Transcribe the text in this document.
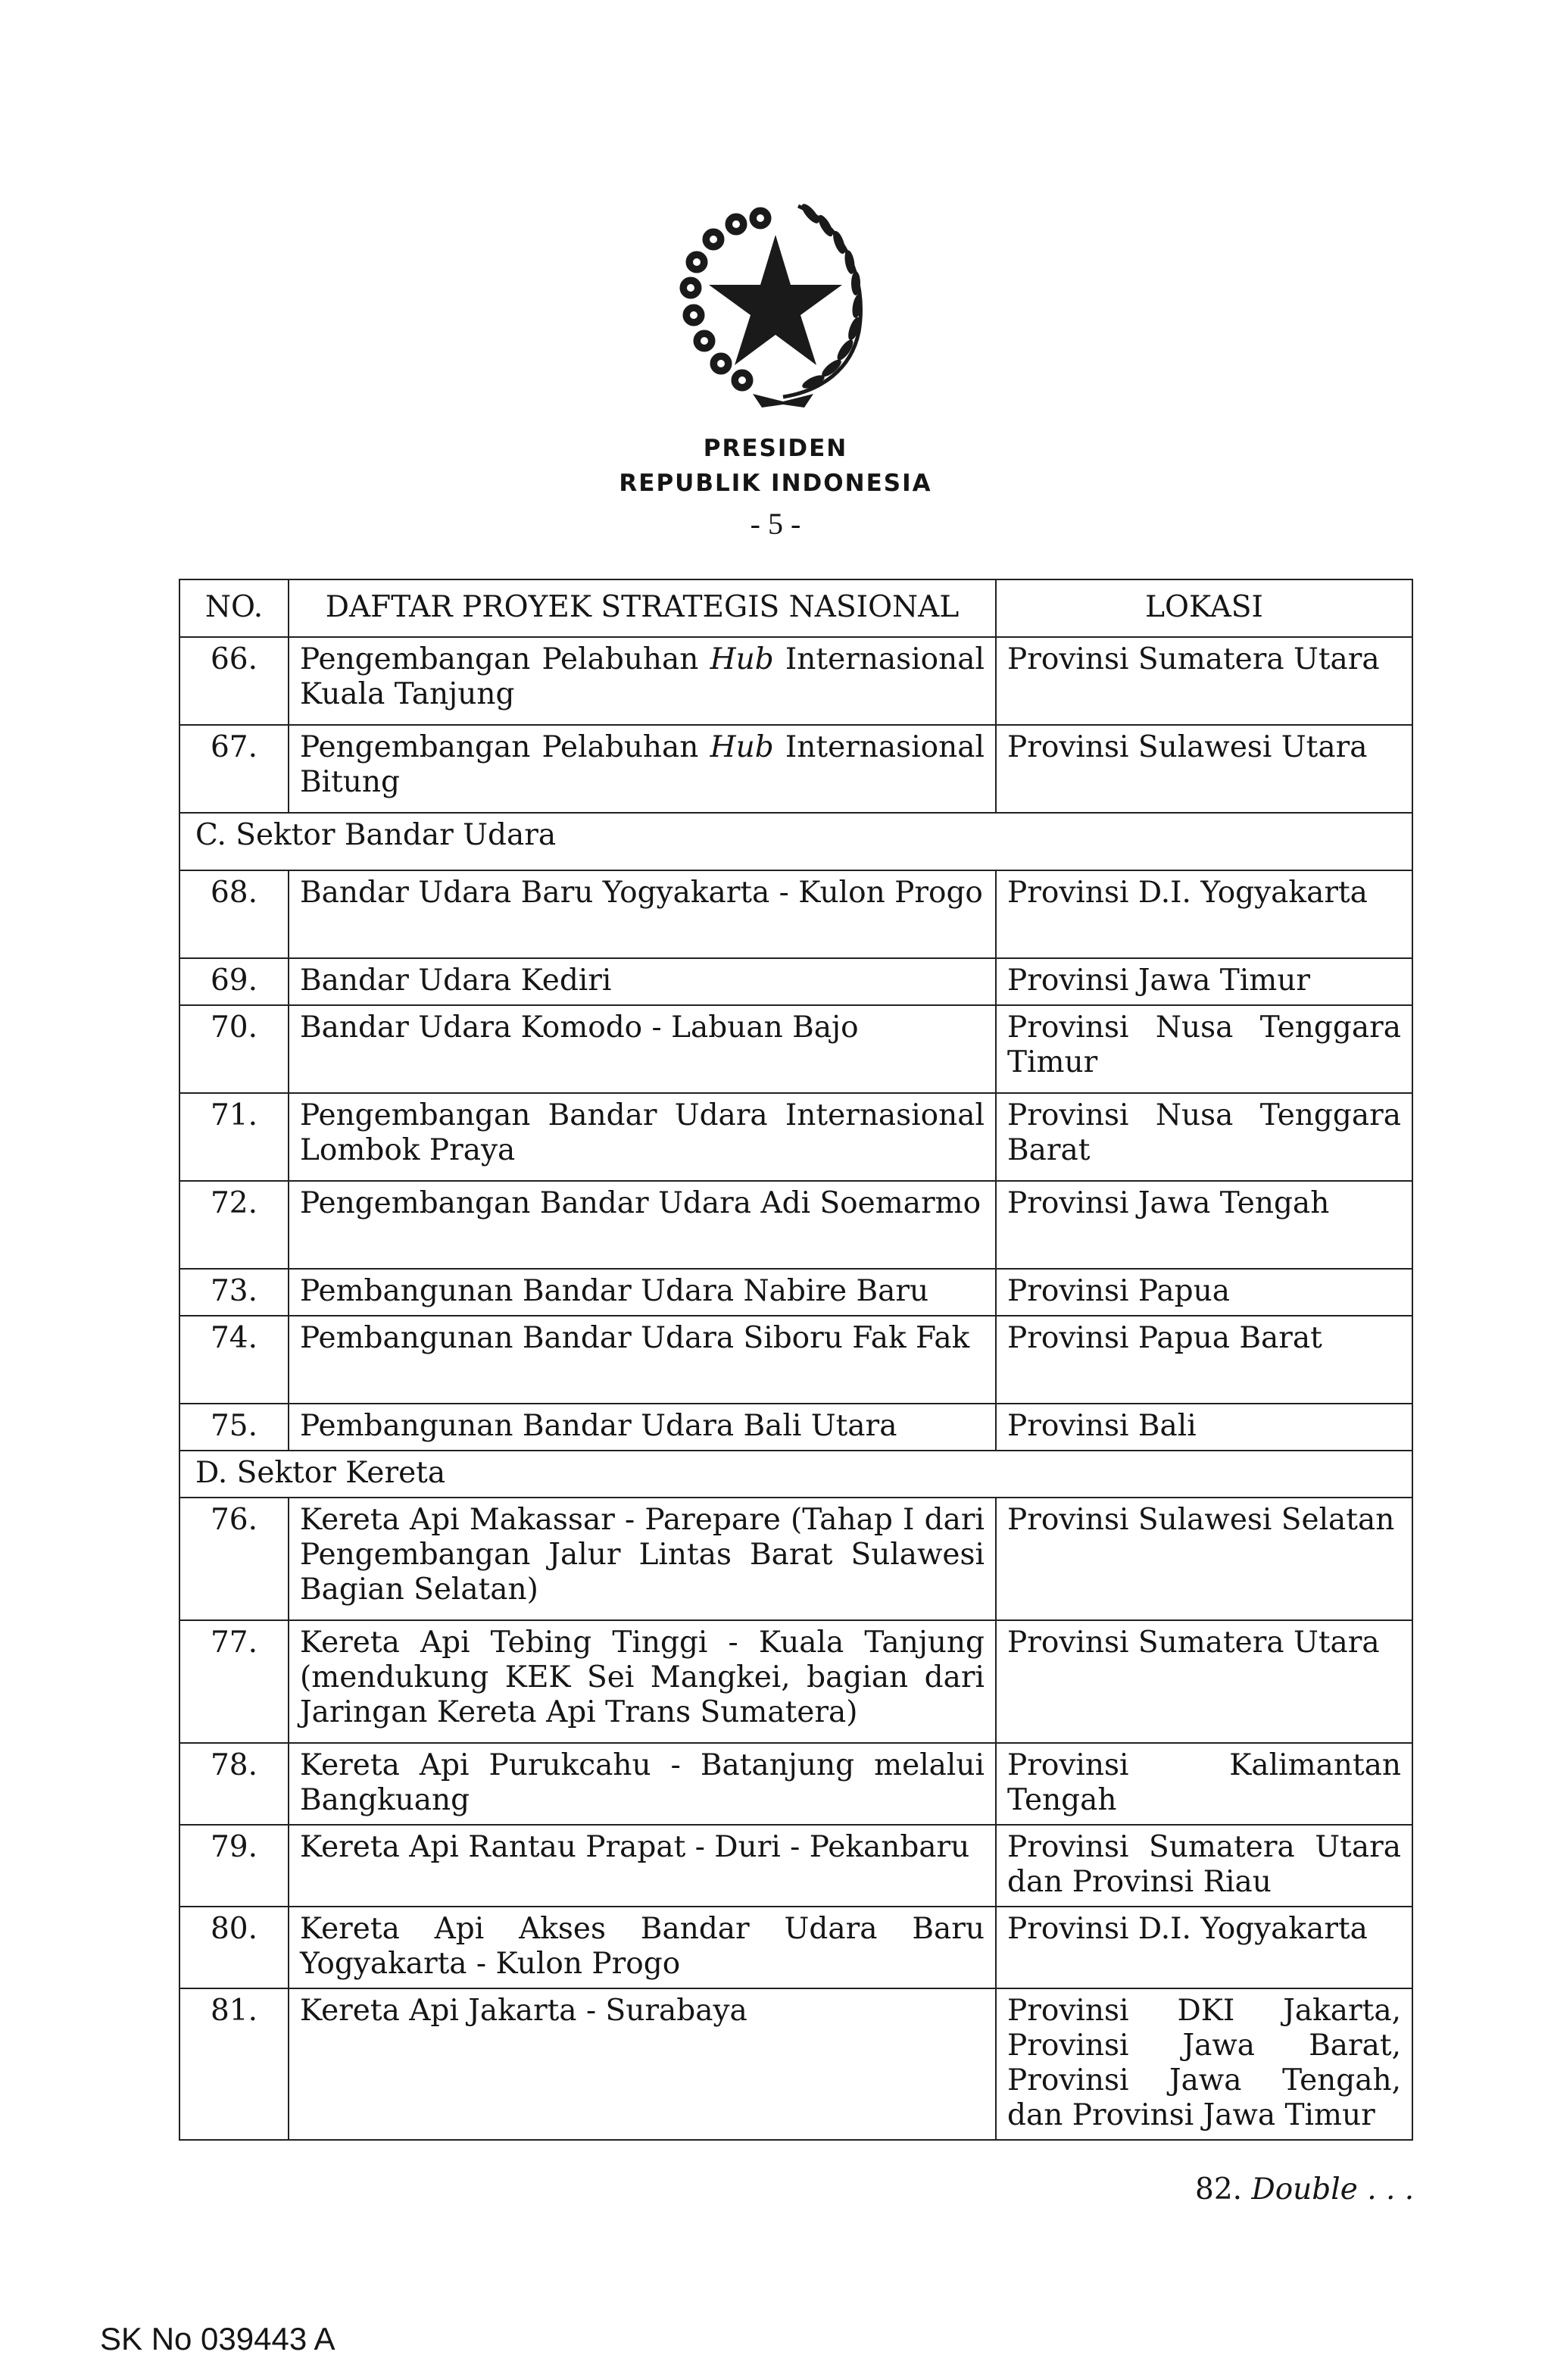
PRESIDEN
REPUBLIK INDONESIA
- 5 -
NO.	DAFTAR PROYEK STRATEGIS NASIONAL	LOKASI
66.	Pengembangan Pelabuhan Hub Internasional Kuala Tanjung	Provinsi Sumatera Utara
67.	Pengembangan Pelabuhan Hub Internasional Bitung	Provinsi Sulawesi Utara
C. Sektor Bandar Udara		
68.	Bandar Udara Baru Yogyakarta - Kulon Progo	Provinsi D.I. Yogyakarta
69.	Bandar Udara Kediri	Provinsi Jawa Timur
70.	Bandar Udara Komodo - Labuan Bajo	Provinsi Nusa Tenggara Timur
71.	Pengembangan Bandar Udara Internasional Lombok Praya	Provinsi Nusa Tenggara Barat
72.	Pengembangan Bandar Udara Adi Soemarmo	Provinsi Jawa Tengah
73.	Pembangunan Bandar Udara Nabire Baru	Provinsi Papua
74.	Pembangunan Bandar Udara Siboru Fak Fak	Provinsi Papua Barat
75.	Pembangunan Bandar Udara Bali Utara	Provinsi Bali
D. Sektor Kereta		
76.	Kereta Api Makassar - Parepare (Tahap I dari Pengembangan Jalur Lintas Barat Sulawesi Bagian Selatan)	Provinsi Sulawesi Selatan
77.	Kereta Api Tebing Tinggi - Kuala Tanjung (mendukung KEK Sei Mangkei, bagian dari Jaringan Kereta Api Trans Sumatera)	Provinsi Sumatera Utara
78.	Kereta Api Purukcahu - Batanjung melalui Bangkuang	Provinsi Kalimantan Tengah
79.	Kereta Api Rantau Prapat - Duri - Pekanbaru	Provinsi Sumatera Utara dan Provinsi Riau
80.	Kereta Api Akses Bandar Udara Baru Yogyakarta - Kulon Progo	Provinsi D.I. Yogyakarta
81.	Kereta Api Jakarta - Surabaya	Provinsi DKI Jakarta, Provinsi Jawa Barat, Provinsi Jawa Tengah, dan Provinsi Jawa Timur
82. Double . . .
SK No 039443 A
